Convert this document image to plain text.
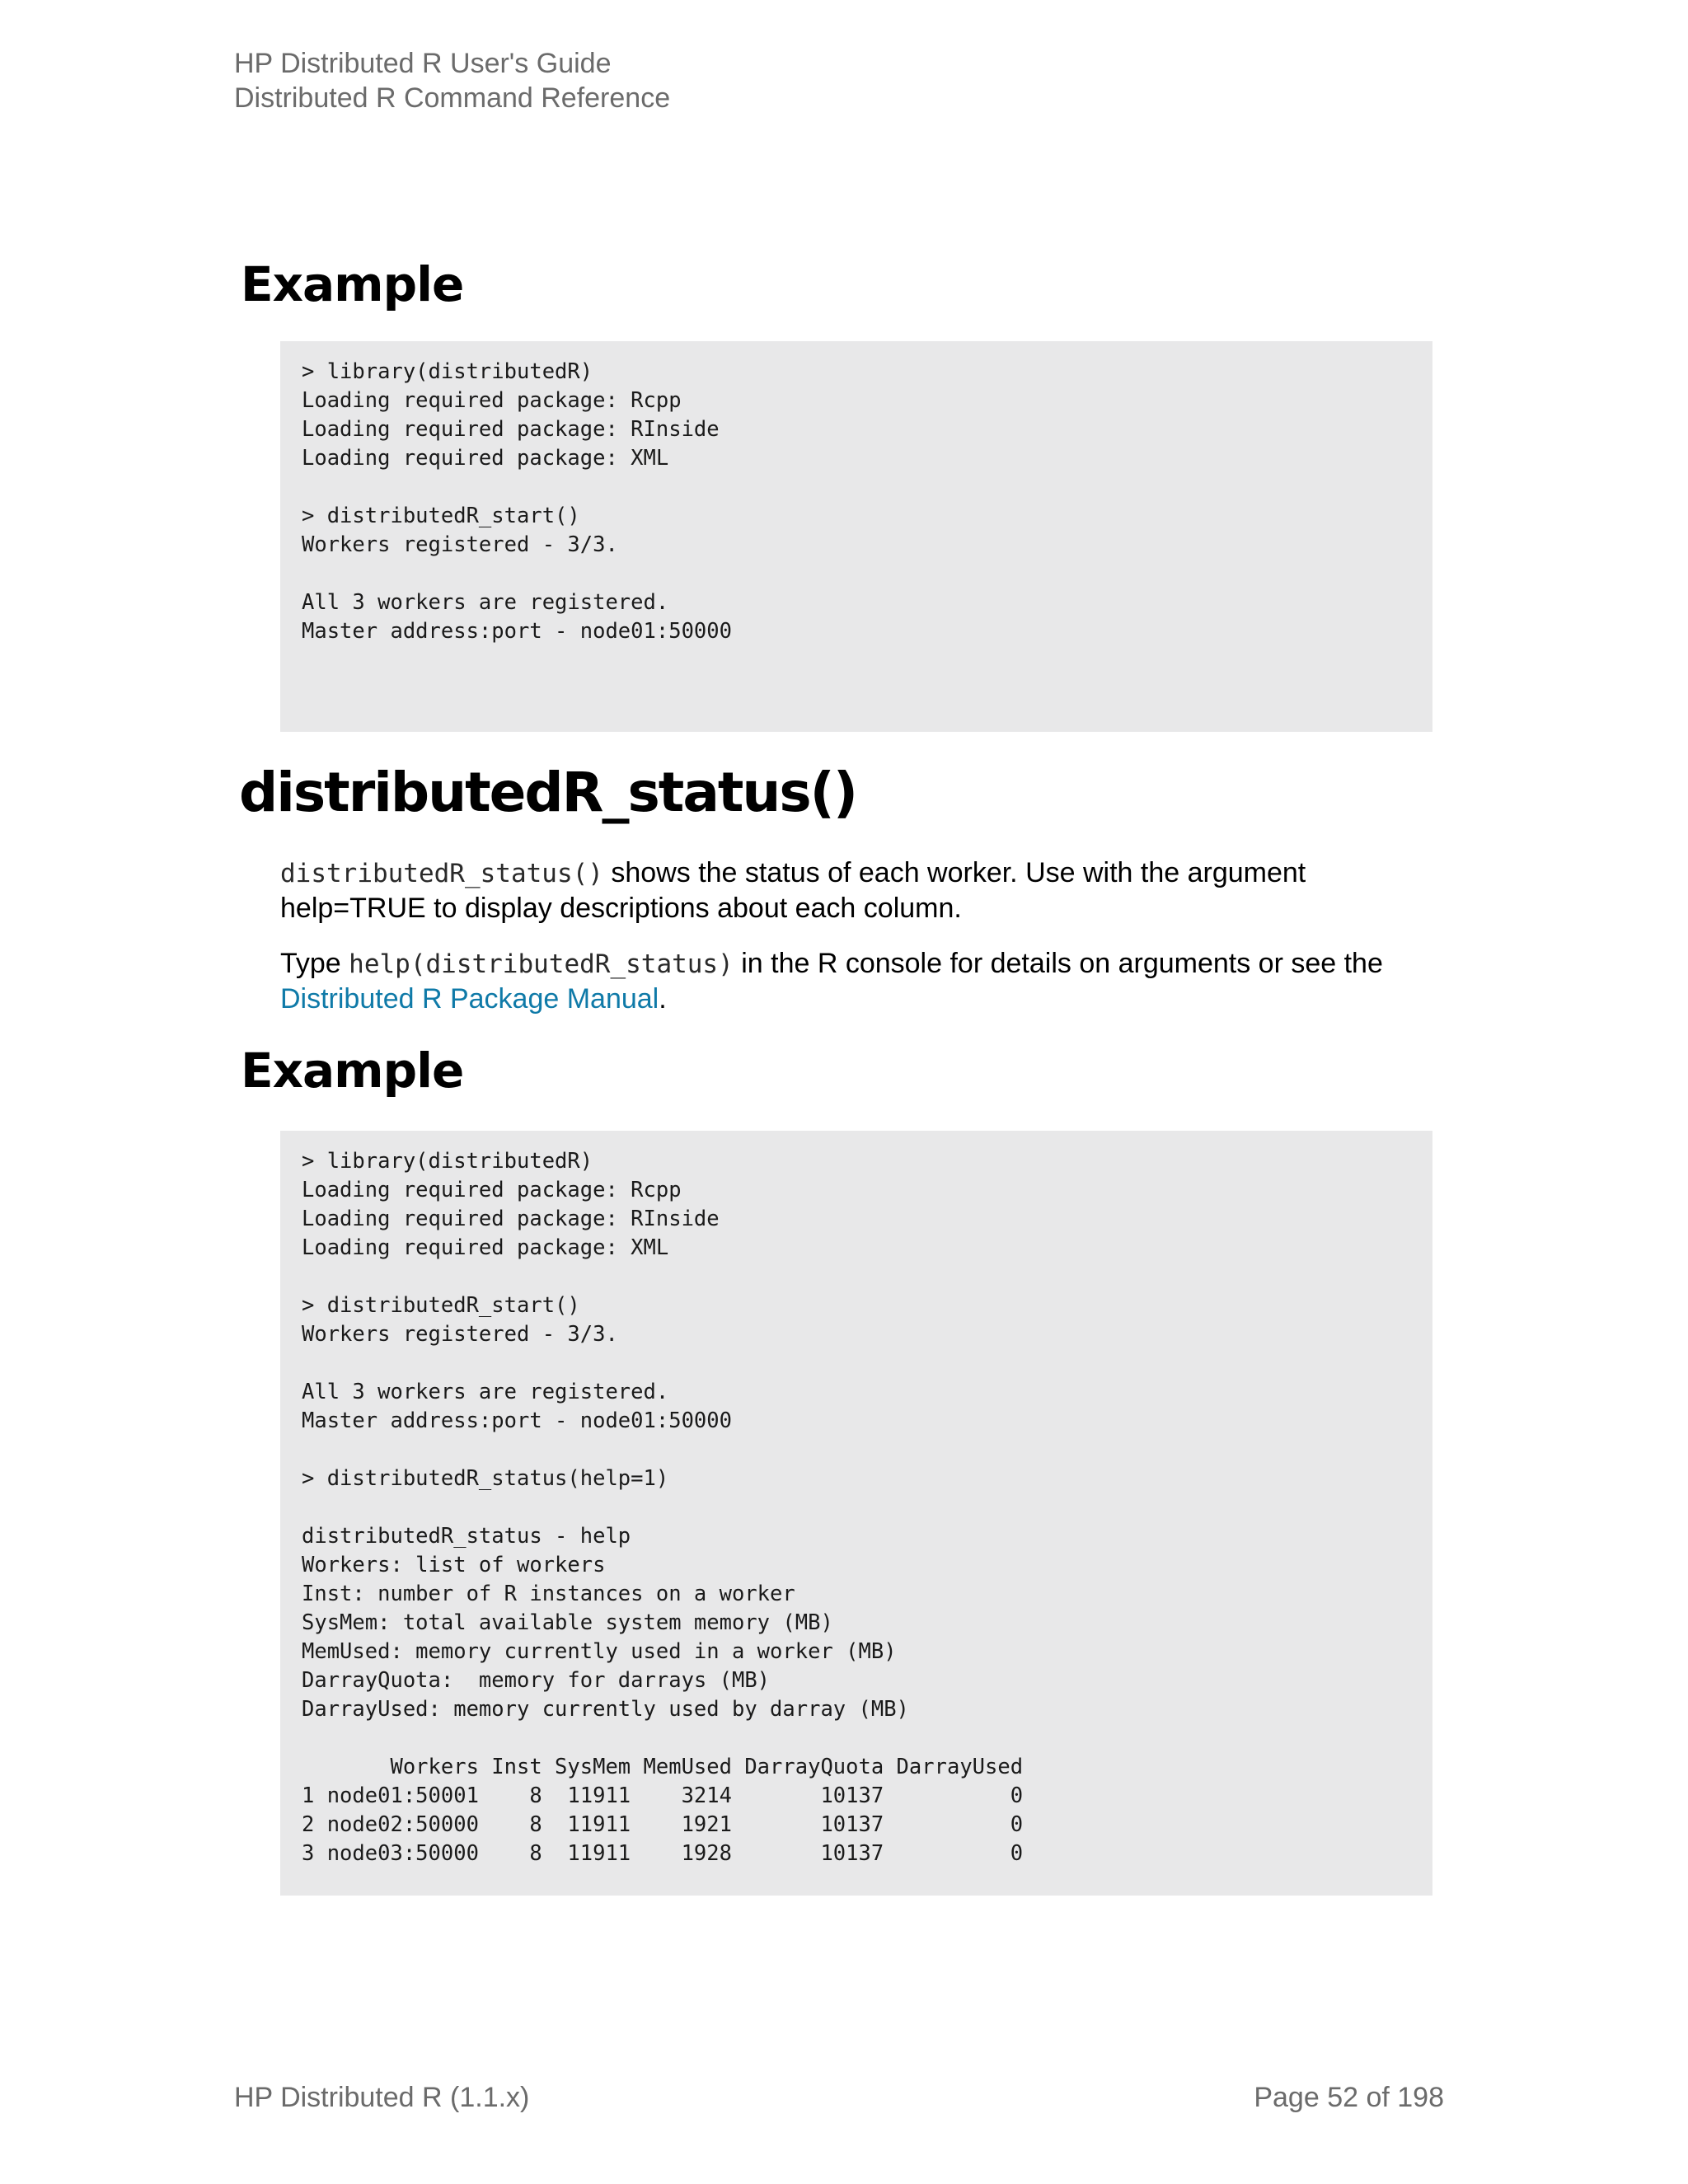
HP Distributed R User's Guide
Distributed R Command Reference
Example
> library(distributedR)
Loading required package: Rcpp
Loading required package: RInside
Loading required package: XML

> distributedR_start()
Workers registered - 3/3.

All 3 workers are registered.
Master address:port - node01:50000
distributedR_status()

distributedR_status() shows the status of each worker. Use with the argument help=TRUE to display descriptions about each column.

Type help(distributedR_status) in the R console for details on arguments or see the Distributed R Package Manual.

Example
> library(distributedR)
Loading required package: Rcpp
Loading required package: RInside
Loading required package: XML

> distributedR_start()
Workers registered - 3/3.

All 3 workers are registered.
Master address:port - node01:50000

> distributedR_status(help=1)

distributedR_status - help
Workers: list of workers
Inst: number of R instances on a worker
SysMem: total available system memory (MB)
MemUsed: memory currently used in a worker (MB)
DarrayQuota:  memory for darrays (MB)
DarrayUsed: memory currently used by darray (MB)

Workers Inst SysMem MemUsed DarrayQuota DarrayUsed
1 node01:50001    8  11911    3214       10137          0
2 node02:50000    8  11911    1921       10137          0
3 node03:50000    8  11911    1928       10137          0
HP Distributed R (1.1.x)	Page 52 of 198
